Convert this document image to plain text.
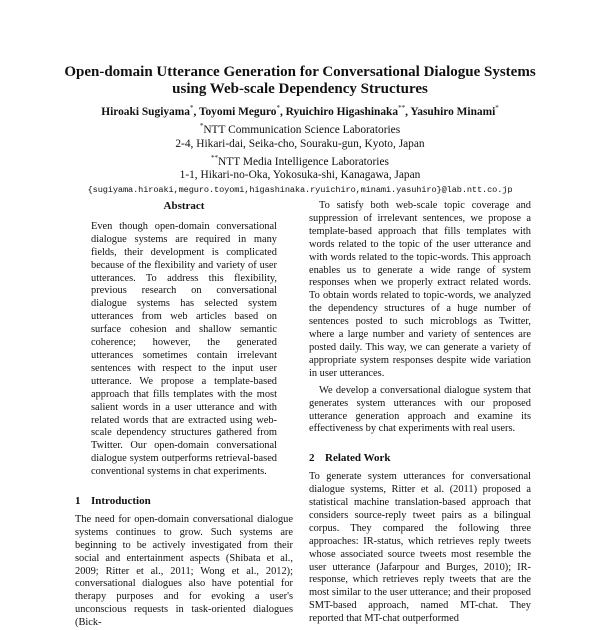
Open-domain Utterance Generation for Conversational Dialogue Systems
using Web-scale Dependency Structures
Hiroaki Sugiyama*, Toyomi Meguro*, Ryuichiro Higashinaka**, Yasuhiro Minami*
*NTT Communication Science Laboratories
2-4, Hikari-dai, Seika-cho, Souraku-gun, Kyoto, Japan
**NTT Media Intelligence Laboratories
1-1, Hikari-no-Oka, Yokosuka-shi, Kanagawa, Japan
{sugiyama.hiroaki,meguro.toyomi,higashinaka.ryuichiro,minami.yasuhiro}@lab.ntt.co.jp
Abstract
Even though open-domain conversational dialogue systems are required in many fields, their development is complicated because of the flexibility and variety of user utterances. To address this flexibility, previous research on conversational dialogue systems has selected system utterances from web articles based on surface cohesion and shallow semantic coherence; however, the generated utterances sometimes contain irrelevant sentences with respect to the input user utterance. We propose a template-based approach that fills templates with the most salient words in a user utterance and with related words that are extracted using web-scale dependency structures gathered from Twitter. Our open-domain conversational dialogue system outperforms retrieval-based conventional systems in chat experiments.
1 Introduction

The need for open-domain conversational dialogue systems continues to grow. Such systems are beginning to be actively investigated from their social and entertainment aspects (Shibata et al., 2009; Ritter et al., 2011; Wong et al., 2012); conversational dialogues also have potential for therapy purposes and for evoking a user's unconscious requests in task-oriented dialogues (Bick-

To satisfy both web-scale topic coverage and suppression of irrelevant sentences, we propose a template-based approach that fills templates with words related to the topic of the user utterance and with words related to the topic-words. This approach enables us to generate a wide range of system responses when we properly extract related words. To obtain words related to topic-words, we analyzed the dependency structures of a huge number of sentences posted to such microblogs as Twitter, where a large number and variety of sentences are posted daily. This way, we can generate a variety of appropriate system responses despite wide variation in user utterances.

We develop a conversational dialogue system that generates system utterances with our proposed utterance generation approach and examine its effectiveness by chat experiments with real users.

2 Related Work

To generate system utterances for conversational dialogue systems, Ritter et al. (2011) proposed a statistical machine translation-based approach that considers source-reply tweet pairs as a bilingual corpus. They compared the following three approaches: IR-status, which retrieves reply tweets whose associated source tweets most resemble the user utterance (Jafarpour and Burges, 2010); IR-response, which retrieves reply tweets that are the most similar to the user utterance; and their proposed SMT-based approach, named MT-chat. They reported that MT-chat outperformed
